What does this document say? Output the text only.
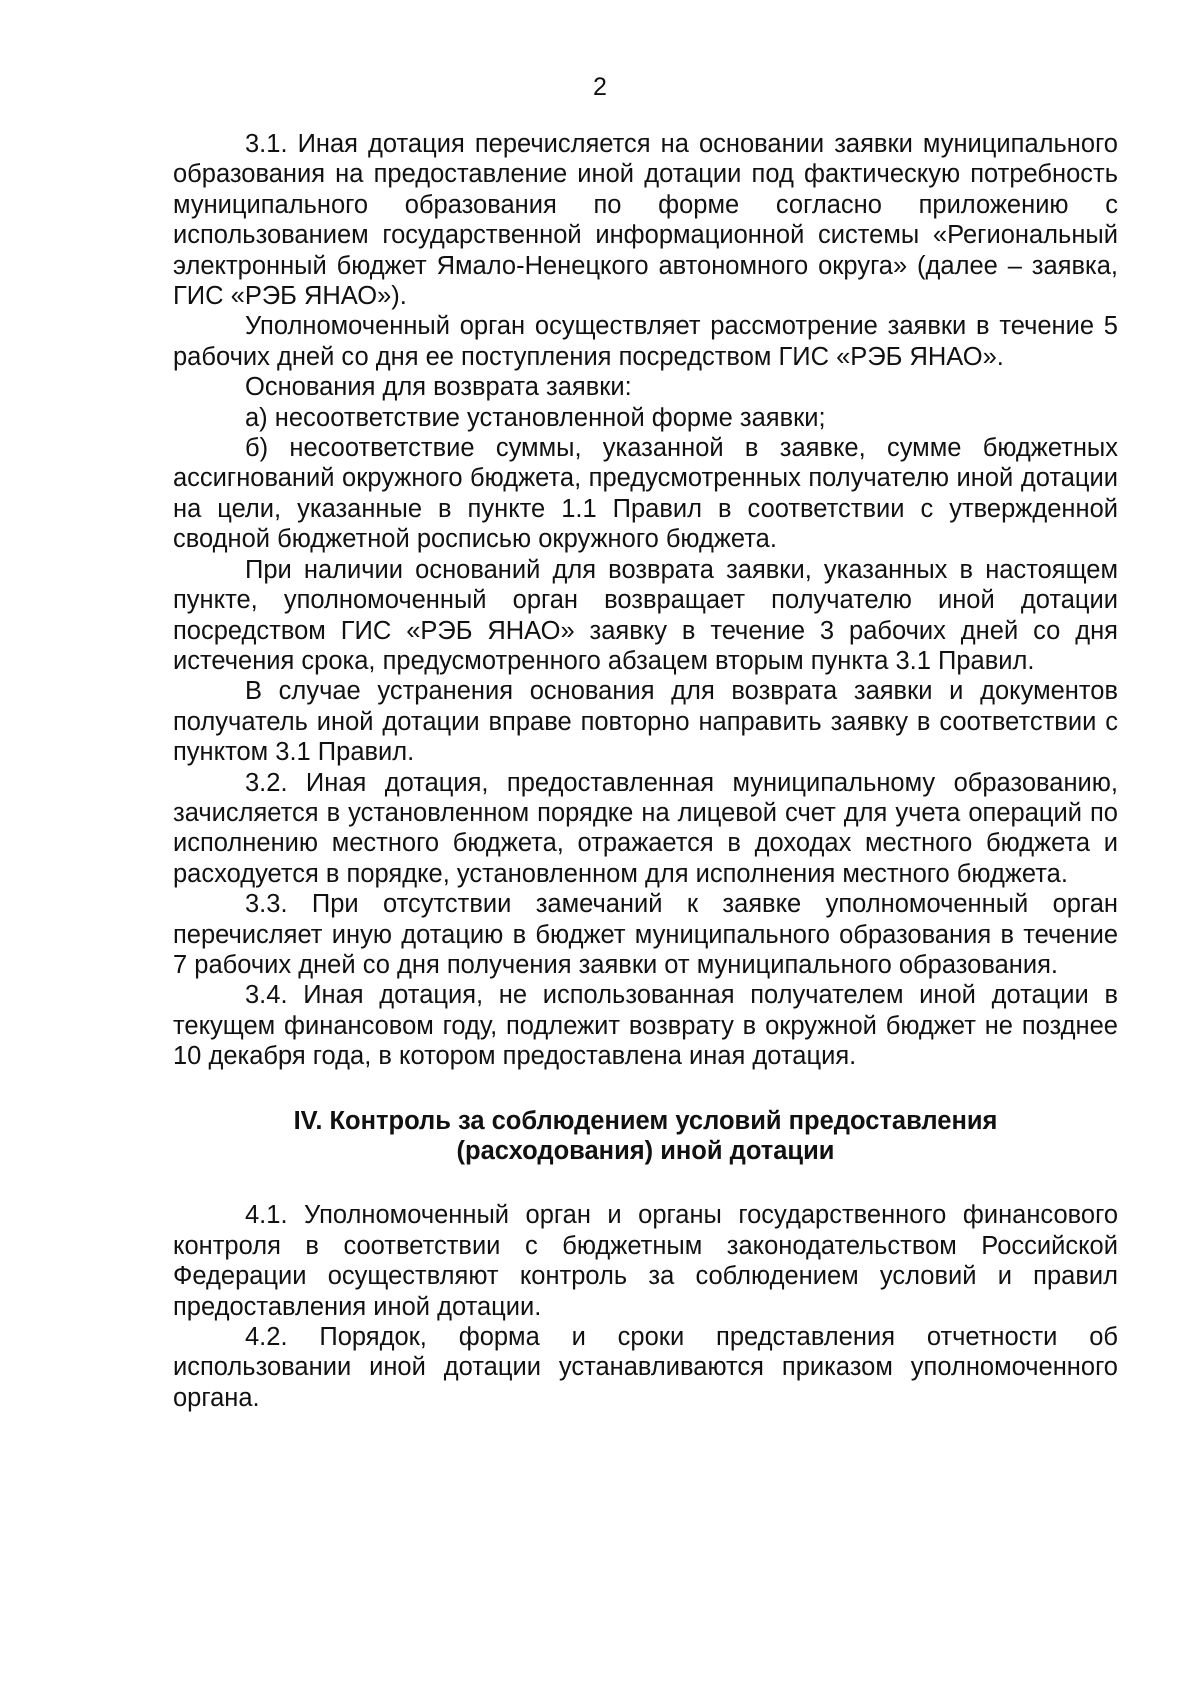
2

3.1. Иная дотация перечисляется на основании заявки муниципального образования на предоставление иной дотации под фактическую потребность муниципального образования по форме согласно приложению с использованием государственной информационной системы «Региональный электронный бюджет Ямало-Ненецкого автономного округа» (далее – заявка, ГИС «РЭБ ЯНАО»).

Уполномоченный орган осуществляет рассмотрение заявки в течение 5 рабочих дней со дня ее поступления посредством ГИС «РЭБ ЯНАО».

Основания для возврата заявки:

а) несоответствие установленной форме заявки;

б) несоответствие суммы, указанной в заявке, сумме бюджетных ассигнований окружного бюджета, предусмотренных получателю иной дотации на цели, указанные в пункте 1.1 Правил в соответствии с утвержденной сводной бюджетной росписью окружного бюджета.

При наличии оснований для возврата заявки, указанных в настоящем пункте, уполномоченный орган возвращает получателю иной дотации посредством ГИС «РЭБ ЯНАО» заявку в течение 3 рабочих дней со дня истечения срока, предусмотренного абзацем вторым пункта 3.1 Правил.

В случае устранения основания для возврата заявки и документов получатель иной дотации вправе повторно направить заявку в соответствии с пунктом 3.1 Правил.

3.2. Иная дотация, предоставленная муниципальному образованию, зачисляется в установленном порядке на лицевой счет для учета операций по исполнению местного бюджета, отражается в доходах местного бюджета и расходуется в порядке, установленном для исполнения местного бюджета.

3.3. При отсутствии замечаний к заявке уполномоченный орган перечисляет иную дотацию в бюджет муниципального образования в течение 7 рабочих дней со дня получения заявки от муниципального образования.

3.4. Иная дотация, не использованная получателем иной дотации в текущем финансовом году, подлежит возврату в окружной бюджет не позднее 10 декабря года, в котором предоставлена иная дотация.

IV. Контроль за соблюдением условий предоставления
(расходования) иной дотации

4.1. Уполномоченный орган и органы государственного финансового контроля в соответствии с бюджетным законодательством Российской Федерации осуществляют контроль за соблюдением условий и правил предоставления иной дотации.

4.2. Порядок, форма и сроки представления отчетности об использовании иной дотации устанавливаются приказом уполномоченного органа.
